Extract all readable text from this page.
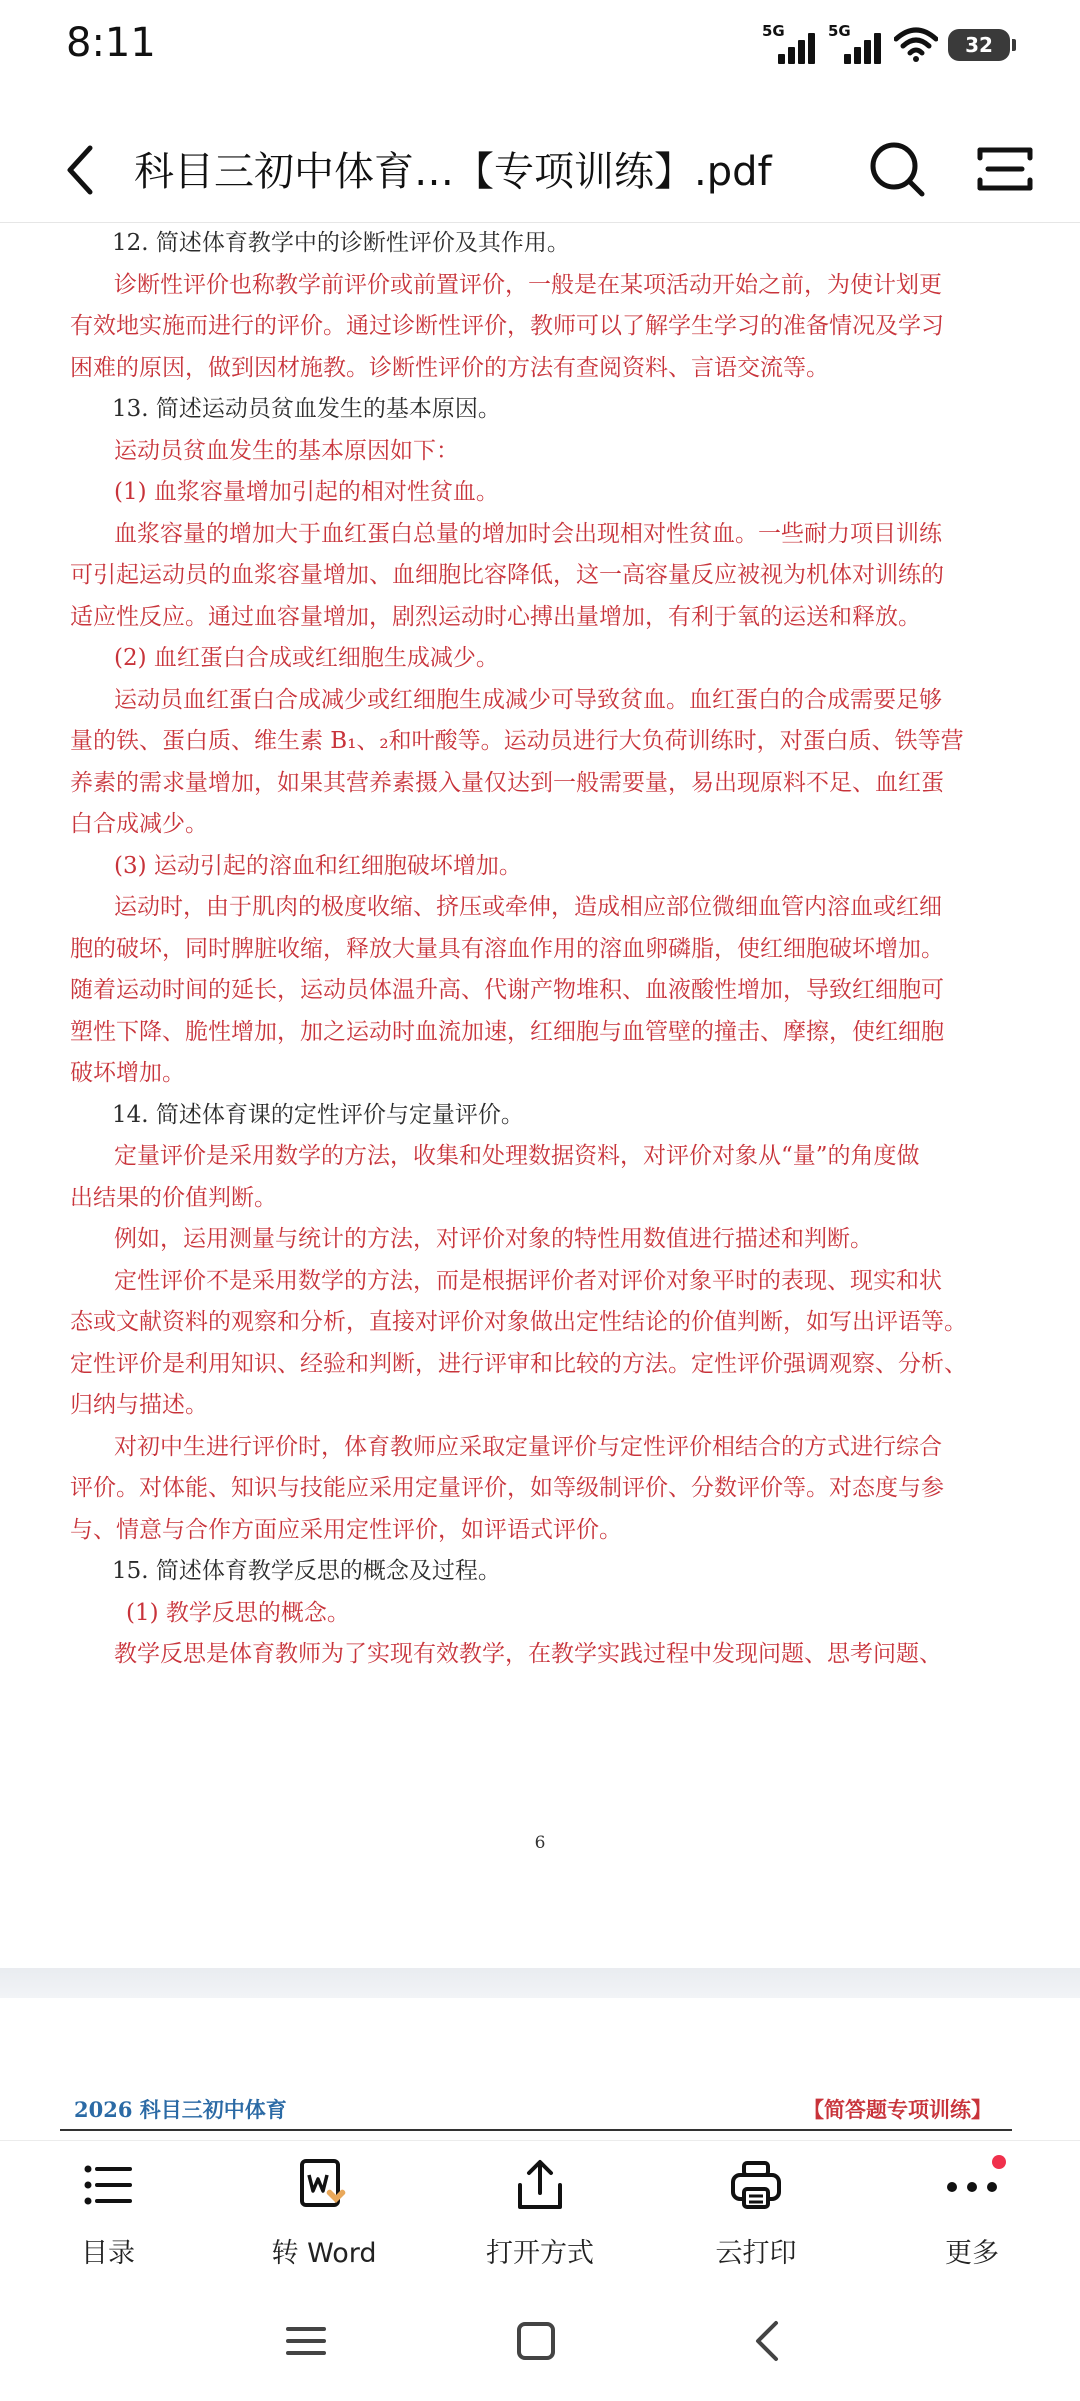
8:11	5G	5G
32
科目三初中体育…【专项训练】.pdf
12. 简述体育教学中的诊断性评价及其作用。
诊断性评价也称教学前评价或前置评价，一般是在某项活动开始之前，为使计划更
有效地实施而进行的评价。通过诊断性评价，教师可以了解学生学习的准备情况及学习
困难的原因，做到因材施教。诊断性评价的方法有查阅资料、言语交流等。
13. 简述运动员贫血发生的基本原因。
运动员贫血发生的基本原因如下：
(1) 血浆容量增加引起的相对性贫血。
血浆容量的增加大于血红蛋白总量的增加时会出现相对性贫血。一些耐力项目训练
可引起运动员的血浆容量增加、血细胞比容降低，这一高容量反应被视为机体对训练的
适应性反应。通过血容量增加，剧烈运动时心搏出量增加，有利于氧的运送和释放。
(2) 血红蛋白合成或红细胞生成减少。
运动员血红蛋白合成减少或红细胞生成减少可导致贫血。血红蛋白的合成需要足够
量的铁、蛋白质、维生素 B₁、₂和叶酸等。运动员进行大负荷训练时，对蛋白质、铁等营
养素的需求量增加，如果其营养素摄入量仅达到一般需要量，易出现原料不足、血红蛋
白合成减少。
(3) 运动引起的溶血和红细胞破坏增加。
运动时，由于肌肉的极度收缩、挤压或牵伸，造成相应部位微细血管内溶血或红细
胞的破坏，同时脾脏收缩，释放大量具有溶血作用的溶血卵磷脂，使红细胞破坏增加。
随着运动时间的延长，运动员体温升高、代谢产物堆积、血液酸性增加，导致红细胞可
塑性下降、脆性增加，加之运动时血流加速，红细胞与血管壁的撞击、摩擦，使红细胞
破坏增加。
14. 简述体育课的定性评价与定量评价。
定量评价是采用数学的方法，收集和处理数据资料，对评价对象从“量”的角度做
出结果的价值判断。
例如，运用测量与统计的方法，对评价对象的特性用数值进行描述和判断。
定性评价不是采用数学的方法，而是根据评价者对评价对象平时的表现、现实和状
态或文献资料的观察和分析，直接对评价对象做出定性结论的价值判断，如写出评语等。
定性评价是利用知识、经验和判断，进行评审和比较的方法。定性评价强调观察、分析、
归纳与描述。
对初中生进行评价时，体育教师应采取定量评价与定性评价相结合的方式进行综合
评价。对体能、知识与技能应采用定量评价，如等级制评价、分数评价等。对态度与参
与、情意与合作方面应采用定性评价，如评语式评价。
15. 简述体育教学反思的概念及过程。
(1) 教学反思的概念。
教学反思是体育教师为了实现有效教学，在教学实践过程中发现问题、思考问题、
6
2026 科目三初中体育	【简答题专项训练】
目录	转 Word	打开方式	云打印	更多
